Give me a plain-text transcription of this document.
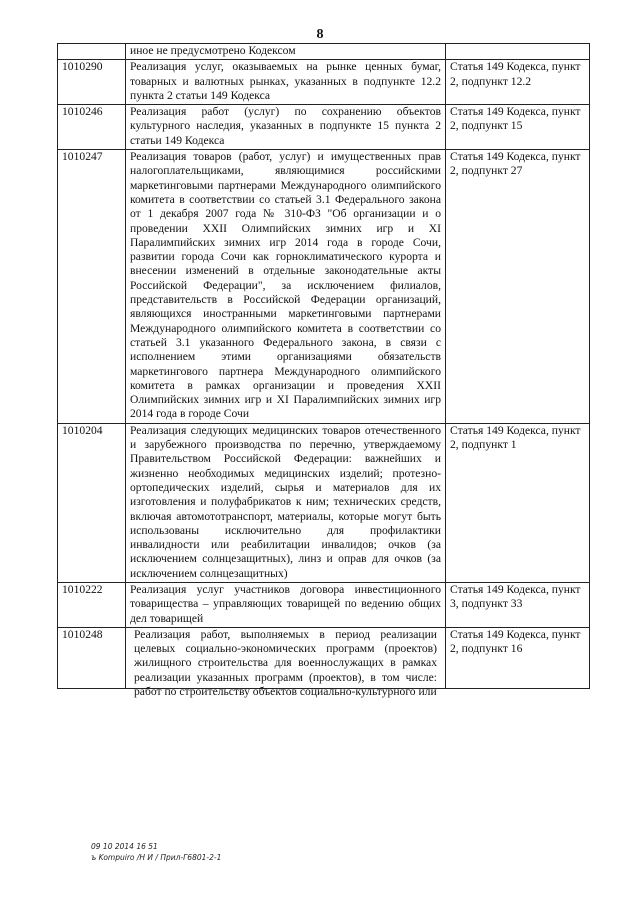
8
	иное не предусмотрено Кодексом	
1010290	Реализация услуг, оказываемых на рынке ценных бумаг, товарных и валютных рынках, указанных в подпункте 12.2 пункта 2 статьи 149 Кодекса	Статья 149 Кодекса, пункт 2, подпункт 12.2
1010246	Реализация работ (услуг) по сохранению объектов культурного наследия, указанных в подпункте 15 пункта 2 статьи 149 Кодекса	Статья 149 Кодекса, пункт 2, подпункт 15
1010247	Реализация товаров (работ, услуг) и имущественных прав налогоплательщиками, являющимися российскими маркетинговыми партнерами Международного олимпийского комитета в соответствии со статьей 3.1 Федерального закона от 1 декабря 2007 года № 310-ФЗ "Об организации и о проведении XXII Олимпийских зимних игр и XI Паралимпийских зимних игр 2014 года в городе Сочи, развитии города Сочи как горноклиматического курорта и внесении изменений в отдельные законодательные акты Российской Федерации", за исключением филиалов, представительств в Российской Федерации организаций, являющихся иностранными маркетинговыми партнерами Международного олимпийского комитета в соответствии со статьей 3.1 указанного Федерального закона, в связи с исполнением этими организациями обязательств маркетингового партнера Международного олимпийского комитета в рамках организации и проведения XXII Олимпийских зимних игр и XI Паралимпийских зимних игр 2014 года в городе Сочи	Статья 149 Кодекса, пункт 2, подпункт 27
1010204	Реализация следующих медицинских товаров отечественного и зарубежного производства по перечню, утверждаемому Правительством Российской Федерации: важнейших и жизненно необходимых медицинских изделий; протезно-ортопедических изделий, сырья и материалов для их изготовления и полуфабрикатов к ним; технических средств, включая автомототранспорт, материалы, которые могут быть использованы исключительно для профилактики инвалидности или реабилитации инвалидов; очков (за исключением солнцезащитных), линз и оправ для очков (за исключением солнцезащитных)	Статья 149 Кодекса, пункт 2, подпункт 1
1010222	Реализация услуг участников договора инвестиционного товарищества – управляющих товарищей по ведению общих дел товарищей	Статья 149 Кодекса, пункт 3, подпункт 33
1010248	Реализация работ, выполняемых в период реализации целевых социально-экономических программ (проектов) жилищного строительства для военнослужащих в рамках реализации указанных программ (проектов), в том числе: работ по строительству объектов социально-культурного или	Статья 149 Кодекса, пункт 2, подпункт 16
09 10 2014 16 51
ъ Kompuiro /Н И / Прил-Г6801-2-1
